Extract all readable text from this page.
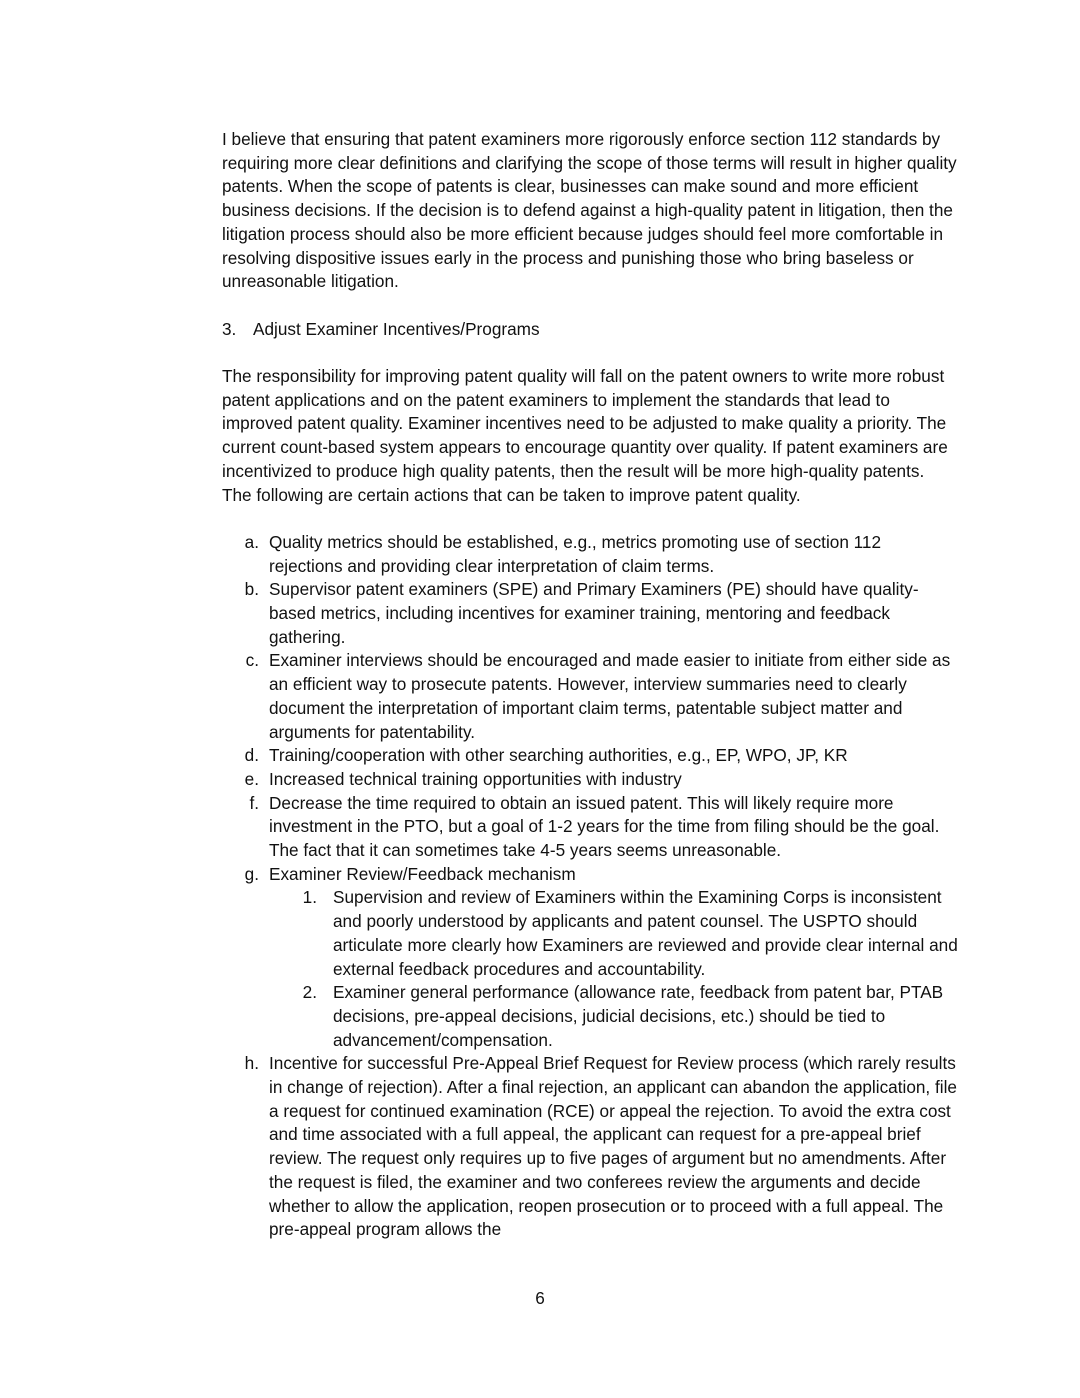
I believe that ensuring that patent examiners more rigorously enforce section 112 standards by requiring more clear definitions and clarifying the scope of those terms will result in higher quality patents. When the scope of patents is clear, businesses can make sound and more efficient business decisions. If the decision is to defend against a high-quality patent in litigation, then the litigation process should also be more efficient because judges should feel more comfortable in resolving dispositive issues early in the process and punishing those who bring baseless or unreasonable litigation.

3. Adjust Examiner Incentives/Programs

The responsibility for improving patent quality will fall on the patent owners to write more robust patent applications and on the patent examiners to implement the standards that lead to improved patent quality. Examiner incentives need to be adjusted to make quality a priority. The current count-based system appears to encourage quantity over quality. If patent examiners are incentivized to produce high quality patents, then the result will be more high-quality patents. The following are certain actions that can be taken to improve patent quality.

a. Quality metrics should be established, e.g., metrics promoting use of section 112 rejections and providing clear interpretation of claim terms.
b. Supervisor patent examiners (SPE) and Primary Examiners (PE) should have quality-based metrics, including incentives for examiner training, mentoring and feedback gathering.
c. Examiner interviews should be encouraged and made easier to initiate from either side as an efficient way to prosecute patents. However, interview summaries need to clearly document the interpretation of important claim terms, patentable subject matter and arguments for patentability.
d. Training/cooperation with other searching authorities, e.g., EP, WPO, JP, KR
e. Increased technical training opportunities with industry
f. Decrease the time required to obtain an issued patent. This will likely require more investment in the PTO, but a goal of 1-2 years for the time from filing should be the goal. The fact that it can sometimes take 4-5 years seems unreasonable.
g. Examiner Review/Feedback mechanism
1. Supervision and review of Examiners within the Examining Corps is inconsistent and poorly understood by applicants and patent counsel. The USPTO should articulate more clearly how Examiners are reviewed and provide clear internal and external feedback procedures and accountability.
2. Examiner general performance (allowance rate, feedback from patent bar, PTAB decisions, pre-appeal decisions, judicial decisions, etc.) should be tied to advancement/compensation.
h. Incentive for successful Pre-Appeal Brief Request for Review process (which rarely results in change of rejection). After a final rejection, an applicant can abandon the application, file a request for continued examination (RCE) or appeal the rejection. To avoid the extra cost and time associated with a full appeal, the applicant can request for a pre-appeal brief review. The request only requires up to five pages of argument but no amendments. After the request is filed, the examiner and two conferees review the arguments and decide whether to allow the application, reopen prosecution or to proceed with a full appeal. The pre-appeal program allows the
6
